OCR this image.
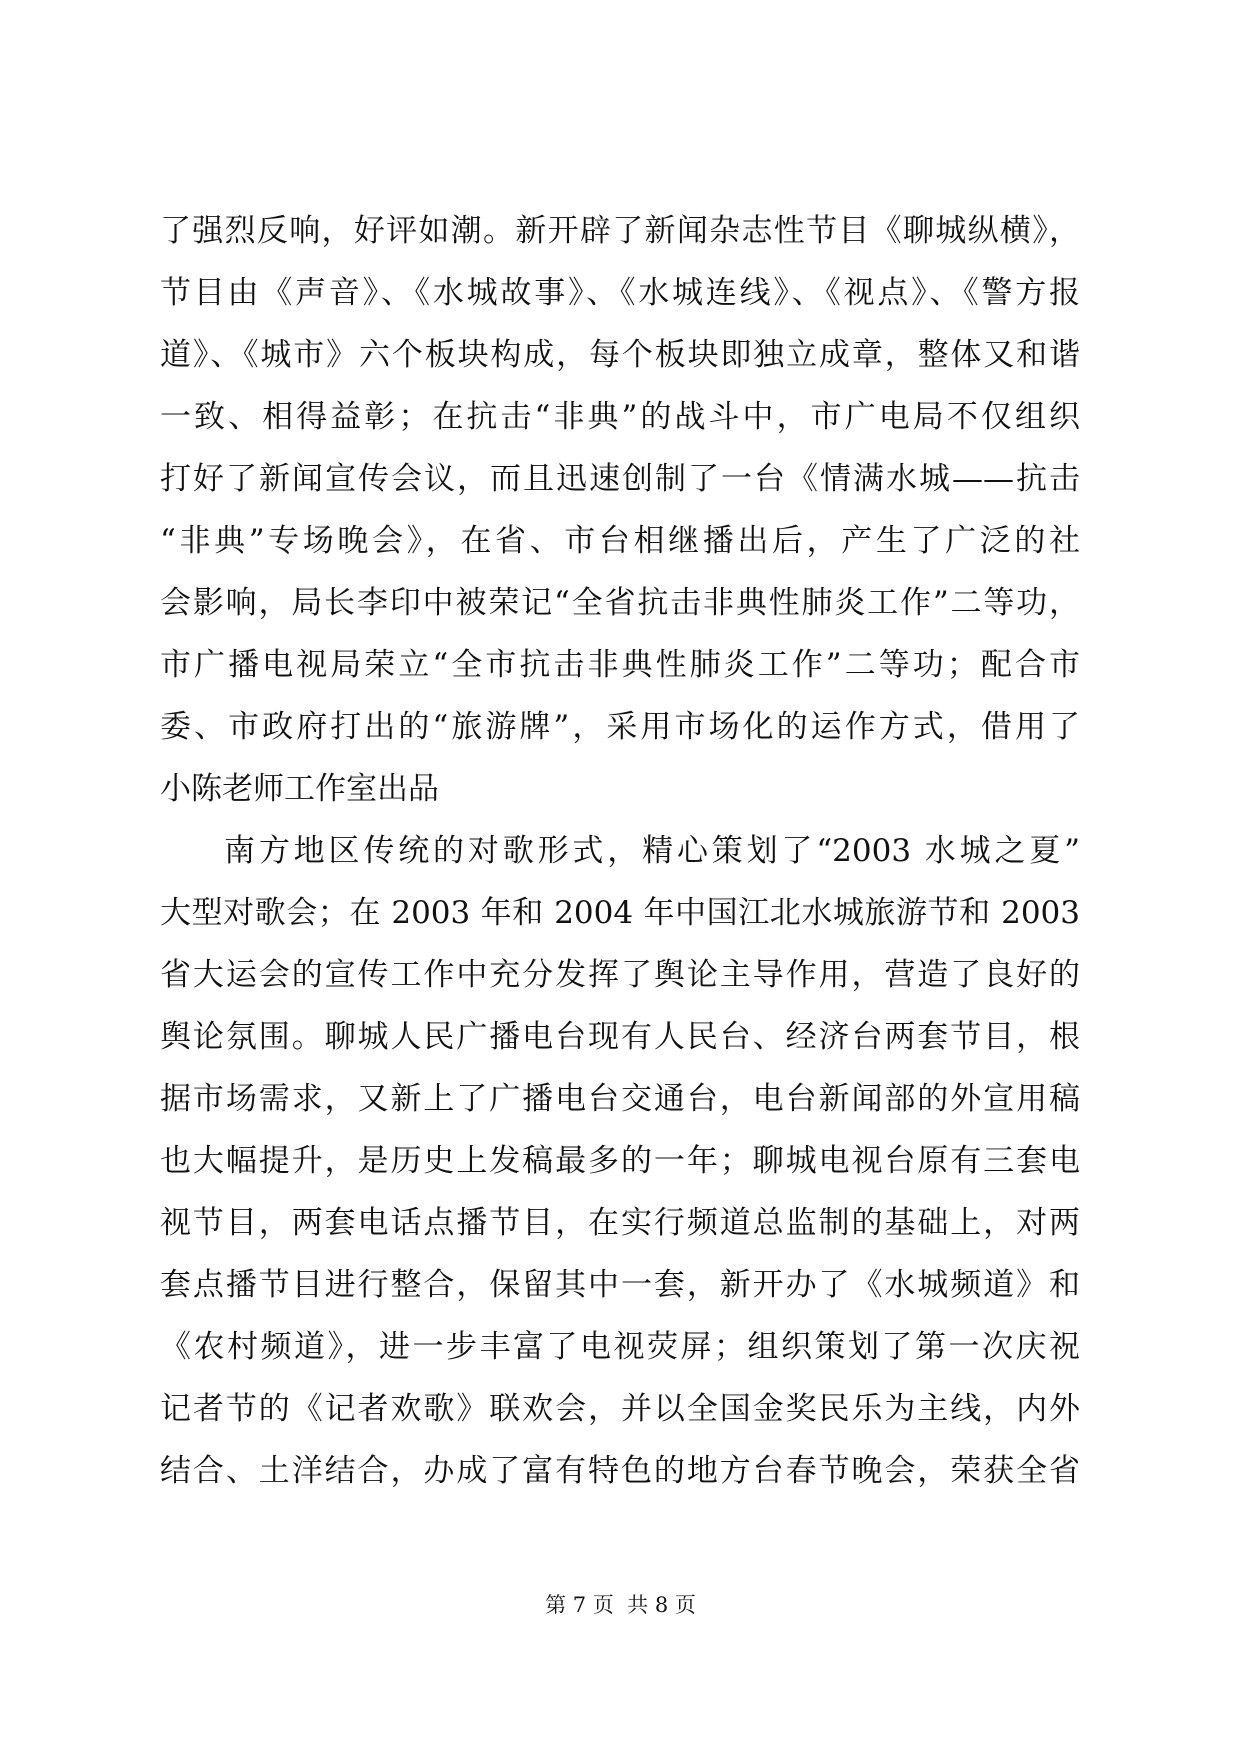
了强烈反响，好评如潮。新开辟了新闻杂志性节目《聊城纵横》，
节目由《声音》、《水城故事》、《水城连线》、《视点》、《警方报
道》、《城市》六个板块构成，每个板块即独立成章，整体又和谐
一致、相得益彰；在抗击“非典”的战斗中，市广电局不仅组织
打好了新闻宣传会议，而且迅速创制了一台《情满水城——抗击
“非典”专场晚会》，在省、市台相继播出后，产生了广泛的社
会影响，局长李印中被荣记“全省抗击非典性肺炎工作”二等功，
市广播电视局荣立“全市抗击非典性肺炎工作”二等功；配合市
委、市政府打出的“旅游牌”，采用市场化的运作方式，借用了
小陈老师工作室出品
南方地区传统的对歌形式，精心策划了“2003 水城之夏”
大型对歌会；在 2003 年和 2004 年中国江北水城旅游节和 2003
省大运会的宣传工作中充分发挥了舆论主导作用，营造了良好的
舆论氛围。聊城人民广播电台现有人民台、经济台两套节目，根
据市场需求，又新上了广播电台交通台，电台新闻部的外宣用稿
也大幅提升，是历史上发稿最多的一年；聊城电视台原有三套电
视节目，两套电话点播节目，在实行频道总监制的基础上，对两
套点播节目进行整合，保留其中一套，新开办了《水城频道》和
《农村频道》，进一步丰富了电视荧屏；组织策划了第一次庆祝
记者节的《记者欢歌》联欢会，并以全国金奖民乐为主线，内外
结合、土洋结合，办成了富有特色的地方台春节晚会，荣获全省
第 7 页  共 8 页
